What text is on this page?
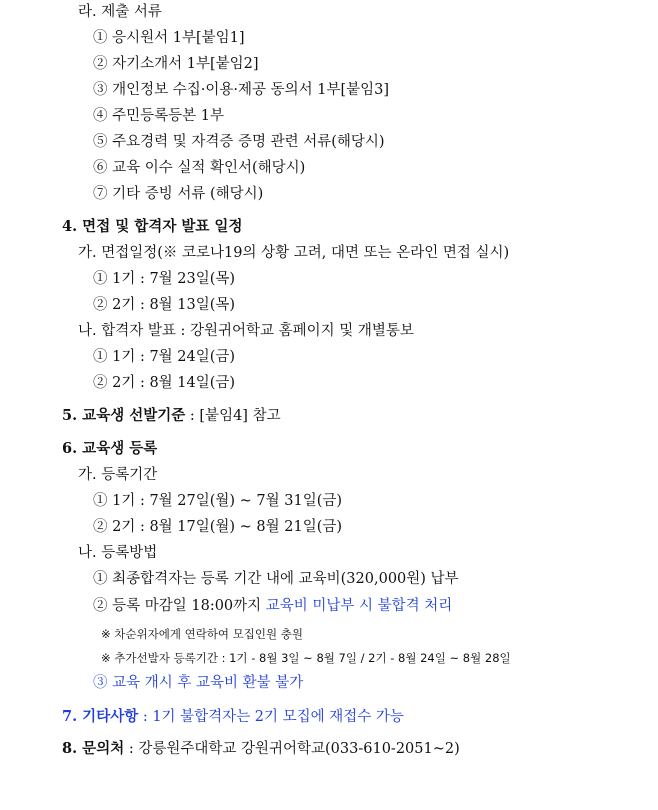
라. 제출 서류
① 응시원서 1부[붙임1]
② 자기소개서 1부[붙임2]
③ 개인정보 수집·이용·제공 동의서 1부[붙임3]
④ 주민등록등본 1부
⑤ 주요경력 및 자격증 증명 관련 서류(해당시)
⑥ 교육 이수 실적 확인서(해당시)
⑦ 기타 증빙 서류 (해당시)
4. 면접 및 합격자 발표 일정
가. 면접일정(※ 코로나19의 상황 고려, 대면 또는 온라인 면접 실시)
① 1기 : 7월 23일(목)
② 2기 : 8월 13일(목)
나. 합격자 발표 : 강원귀어학교 홈페이지 및 개별통보
① 1기 : 7월 24일(금)
② 2기 : 8월 14일(금)
5. 교육생 선발기준 : [붙임4] 참고
6. 교육생 등록
가. 등록기간
① 1기 : 7월 27일(월) ~ 7월 31일(금)
② 2기 : 8월 17일(월) ~ 8월 21일(금)
나. 등록방법
① 최종합격자는 등록 기간 내에 교육비(320,000원) 납부
② 등록 마감일 18:00까지 교육비 미납부 시 불합격 처리
※ 차순위자에게 연락하여 모집인원 충원
※ 추가선발자 등록기간 : 1기 - 8월 3일 ~ 8월 7일 / 2기 - 8월 24일 ~ 8월 28일
③ 교육 개시 후 교육비 환불 불가
7. 기타사항 : 1기 불합격자는 2기 모집에 재접수 가능
8. 문의처 : 강릉원주대학교 강원귀어학교(033-610-2051~2)
